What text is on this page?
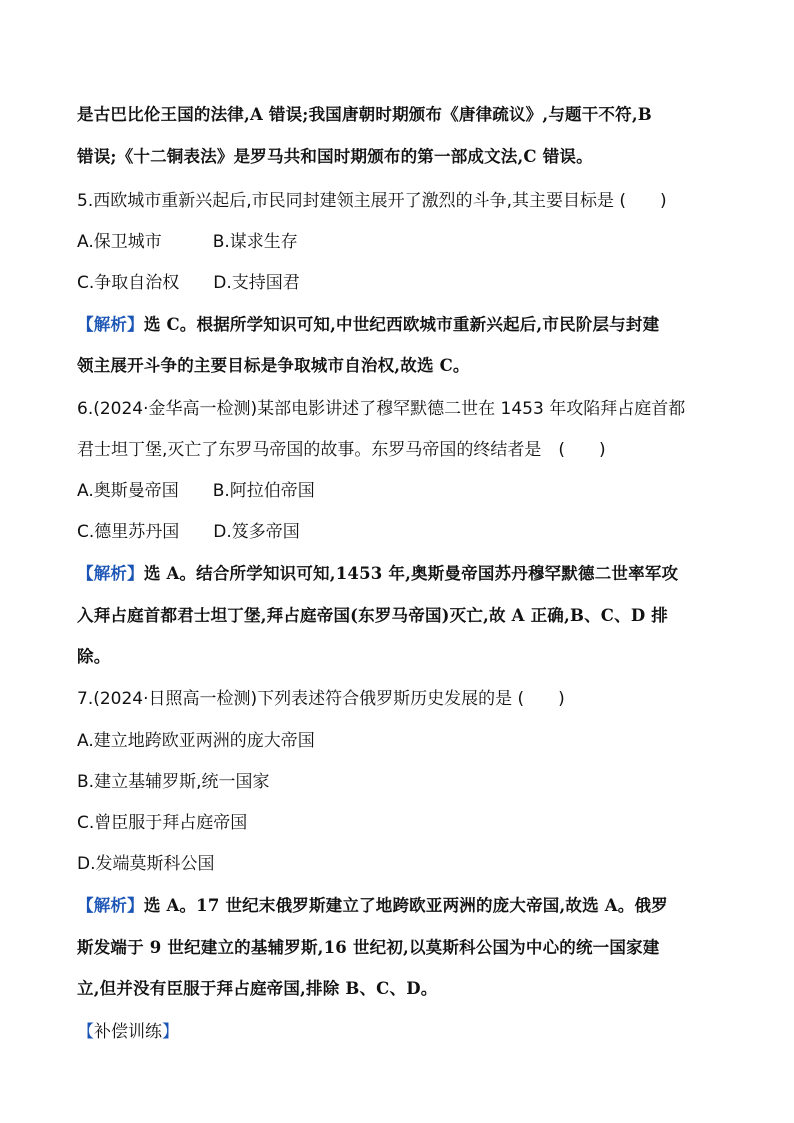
是古巴比伦王国的法律,A 错误;我国唐朝时期颁布《唐律疏议》,与题干不符,B
错误;《十二铜表法》是罗马共和国时期颁布的第一部成文法,C 错误。
5.西欧城市重新兴起后,市民同封建领主展开了激烈的斗争,其主要目标是 (　　)
A.保卫城市　　　B.谋求生存
C.争取自治权　　D.支持国君
【解析】选 C。根据所学知识可知,中世纪西欧城市重新兴起后,市民阶层与封建
领主展开斗争的主要目标是争取城市自治权,故选 C。
6.(2024·金华高一检测)某部电影讲述了穆罕默德二世在 1453 年攻陷拜占庭首都
君士坦丁堡,灭亡了东罗马帝国的故事。东罗马帝国的终结者是　(　　)
A.奥斯曼帝国　　B.阿拉伯帝国
C.德里苏丹国　　D.笈多帝国
【解析】选 A。结合所学知识可知,1453 年,奥斯曼帝国苏丹穆罕默德二世率军攻
入拜占庭首都君士坦丁堡,拜占庭帝国(东罗马帝国)灭亡,故 A 正确,B、C、D 排
除。
7.(2024·日照高一检测)下列表述符合俄罗斯历史发展的是 (　　)
A.建立地跨欧亚两洲的庞大帝国
B.建立基辅罗斯,统一国家
C.曾臣服于拜占庭帝国
D.发端莫斯科公国
【解析】选 A。17 世纪末俄罗斯建立了地跨欧亚两洲的庞大帝国,故选 A。俄罗
斯发端于 9 世纪建立的基辅罗斯,16 世纪初,以莫斯科公国为中心的统一国家建
立,但并没有臣服于拜占庭帝国,排除 B、C、D。
【补偿训练】
